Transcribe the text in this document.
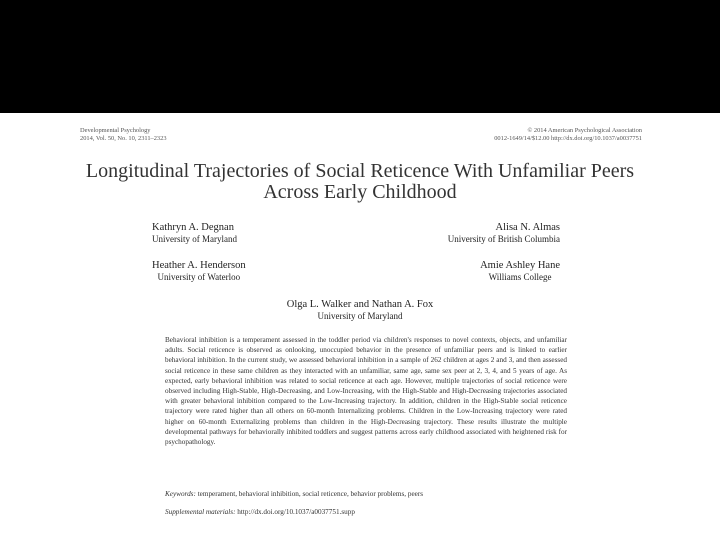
Developmental Psychology
2014, Vol. 50, No. 10, 2311–2323
© 2014 American Psychological Association
0012-1649/14/$12.00 http://dx.doi.org/10.1037/a0037751
Longitudinal Trajectories of Social Reticence With Unfamiliar Peers Across Early Childhood
Kathryn A. Degnan
University of Maryland
Alisa N. Almas
University of British Columbia
Heather A. Henderson
University of Waterloo
Amie Ashley Hane
Williams College
Olga L. Walker and Nathan A. Fox
University of Maryland

Behavioral inhibition is a temperament assessed in the toddler period via children's responses to novel contexts, objects, and unfamiliar adults. Social reticence is observed as onlooking, unoccupied behavior in the presence of unfamiliar peers and is linked to earlier behavioral inhibition. In the current study, we assessed behavioral inhibition in a sample of 262 children at ages 2 and 3, and then assessed social reticence in these same children as they interacted with an unfamiliar, same age, same sex peer at 2, 3, 4, and 5 years of age. As expected, early behavioral inhibition was related to social reticence at each age. However, multiple trajectories of social reticence were observed including High-Stable, High-Decreasing, and Low-Increasing, with the High-Stable and High-Decreasing trajectories associated with greater behavioral inhibition compared to the Low-Increasing trajectory. In addition, children in the High-Stable social reticence trajectory were rated higher than all others on 60-month Internalizing problems. Children in the Low-Increasing trajectory were rated higher on 60-month Externalizing problems than children in the High-Decreasing trajectory. These results illustrate the multiple developmental pathways for behaviorally inhibited toddlers and suggest patterns across early childhood associated with heightened risk for psychopathology.

Keywords: temperament, behavioral inhibition, social reticence, behavior problems, peers

Supplemental materials: http://dx.doi.org/10.1037/a0037751.supp
